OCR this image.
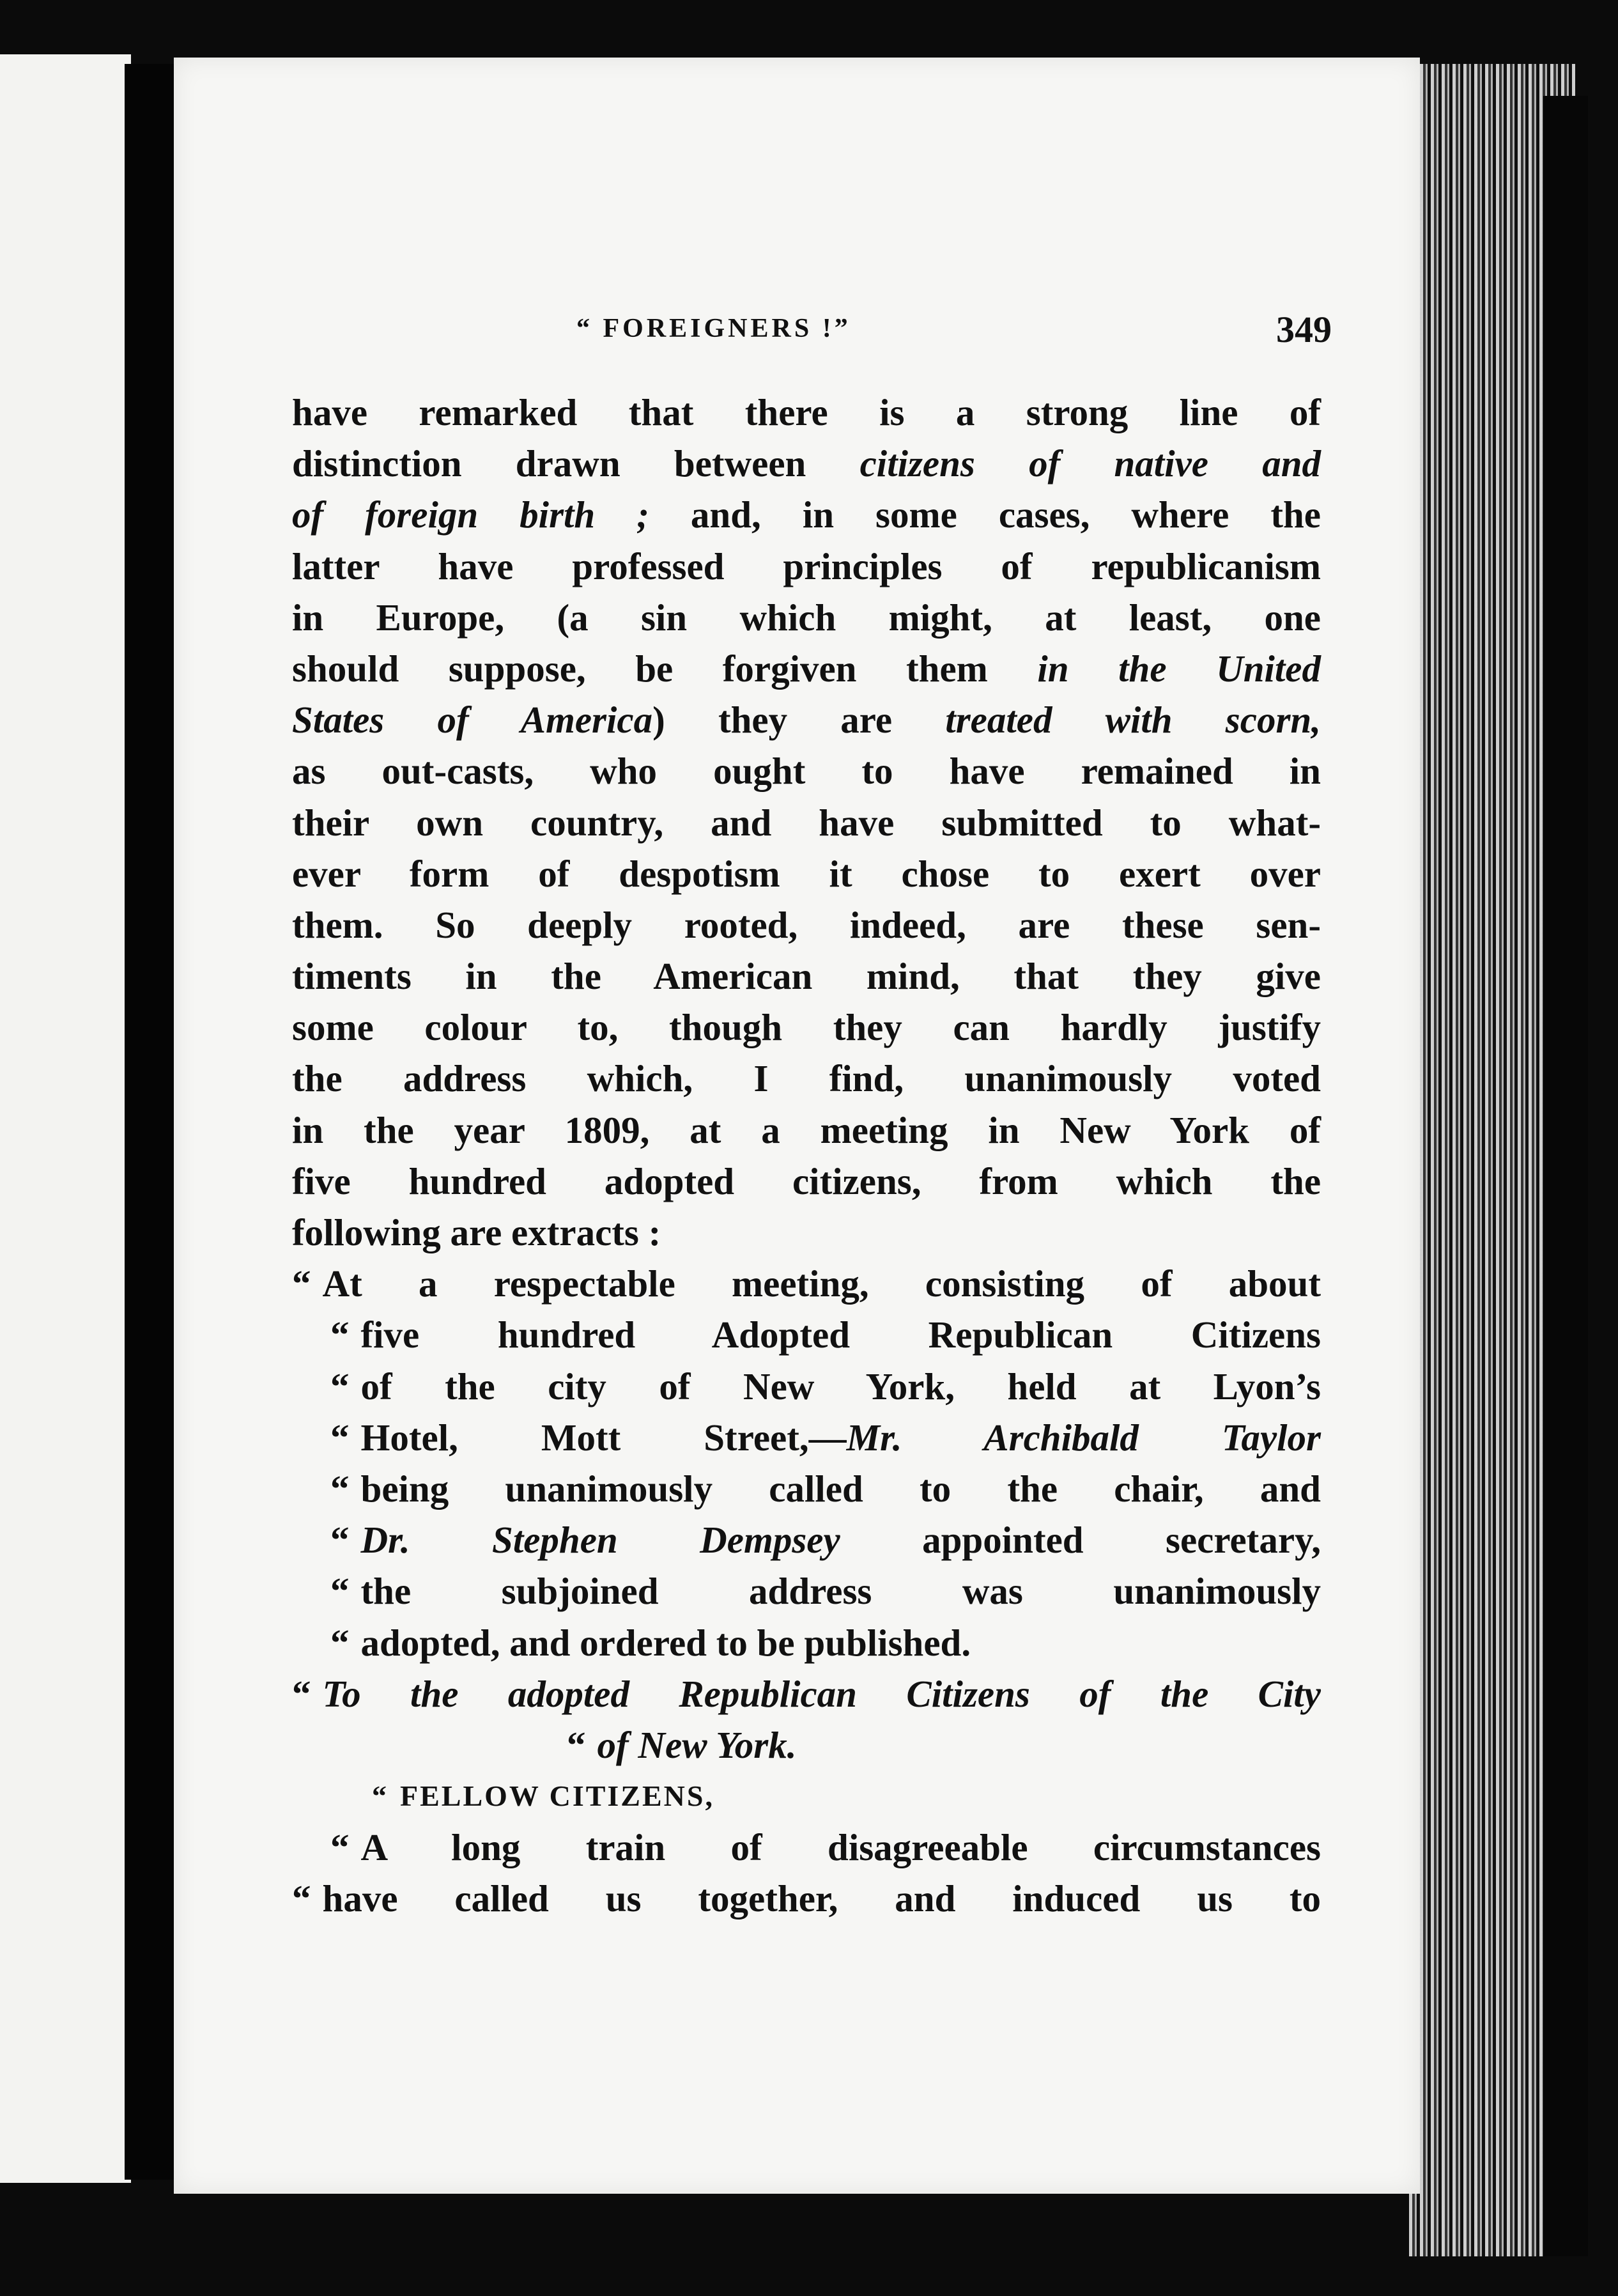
“ FOREIGNERS !”	349
have remarked that there is a strong line of
distinction drawn between citizens of native and
of foreign birth ; and, in some cases, where the
latter have professed principles of republicanism
in Europe, (a sin which might, at least, one
should suppose, be forgiven them in the United
States of America) they are treated with scorn,
as out-casts, who ought to have remained in
their own country, and have submitted to what-
ever form of despotism it chose to exert over
them. So deeply rooted, indeed, are these sen-
timents in the American mind, that they give
some colour to, though they can hardly justify
the address which, I find, unanimously voted
in the year 1809, at a meeting in New York of
five hundred adopted citizens, from which the
following are extracts :
“ At a respectable meeting, consisting of about
“ five hundred Adopted Republican Citizens
“ of the city of New York, held at Lyon’s
“ Hotel, Mott Street,—Mr. Archibald Taylor
“ being unanimously called to the chair, and
“ Dr. Stephen Dempsey appointed secretary,
“ the subjoined address was unanimously
“ adopted, and ordered to be published.
“ To the adopted Republican Citizens of the City
“ of New York.
“ FELLOW CITIZENS,
“ A long train of disagreeable circumstances
“ have called us together, and induced us to
